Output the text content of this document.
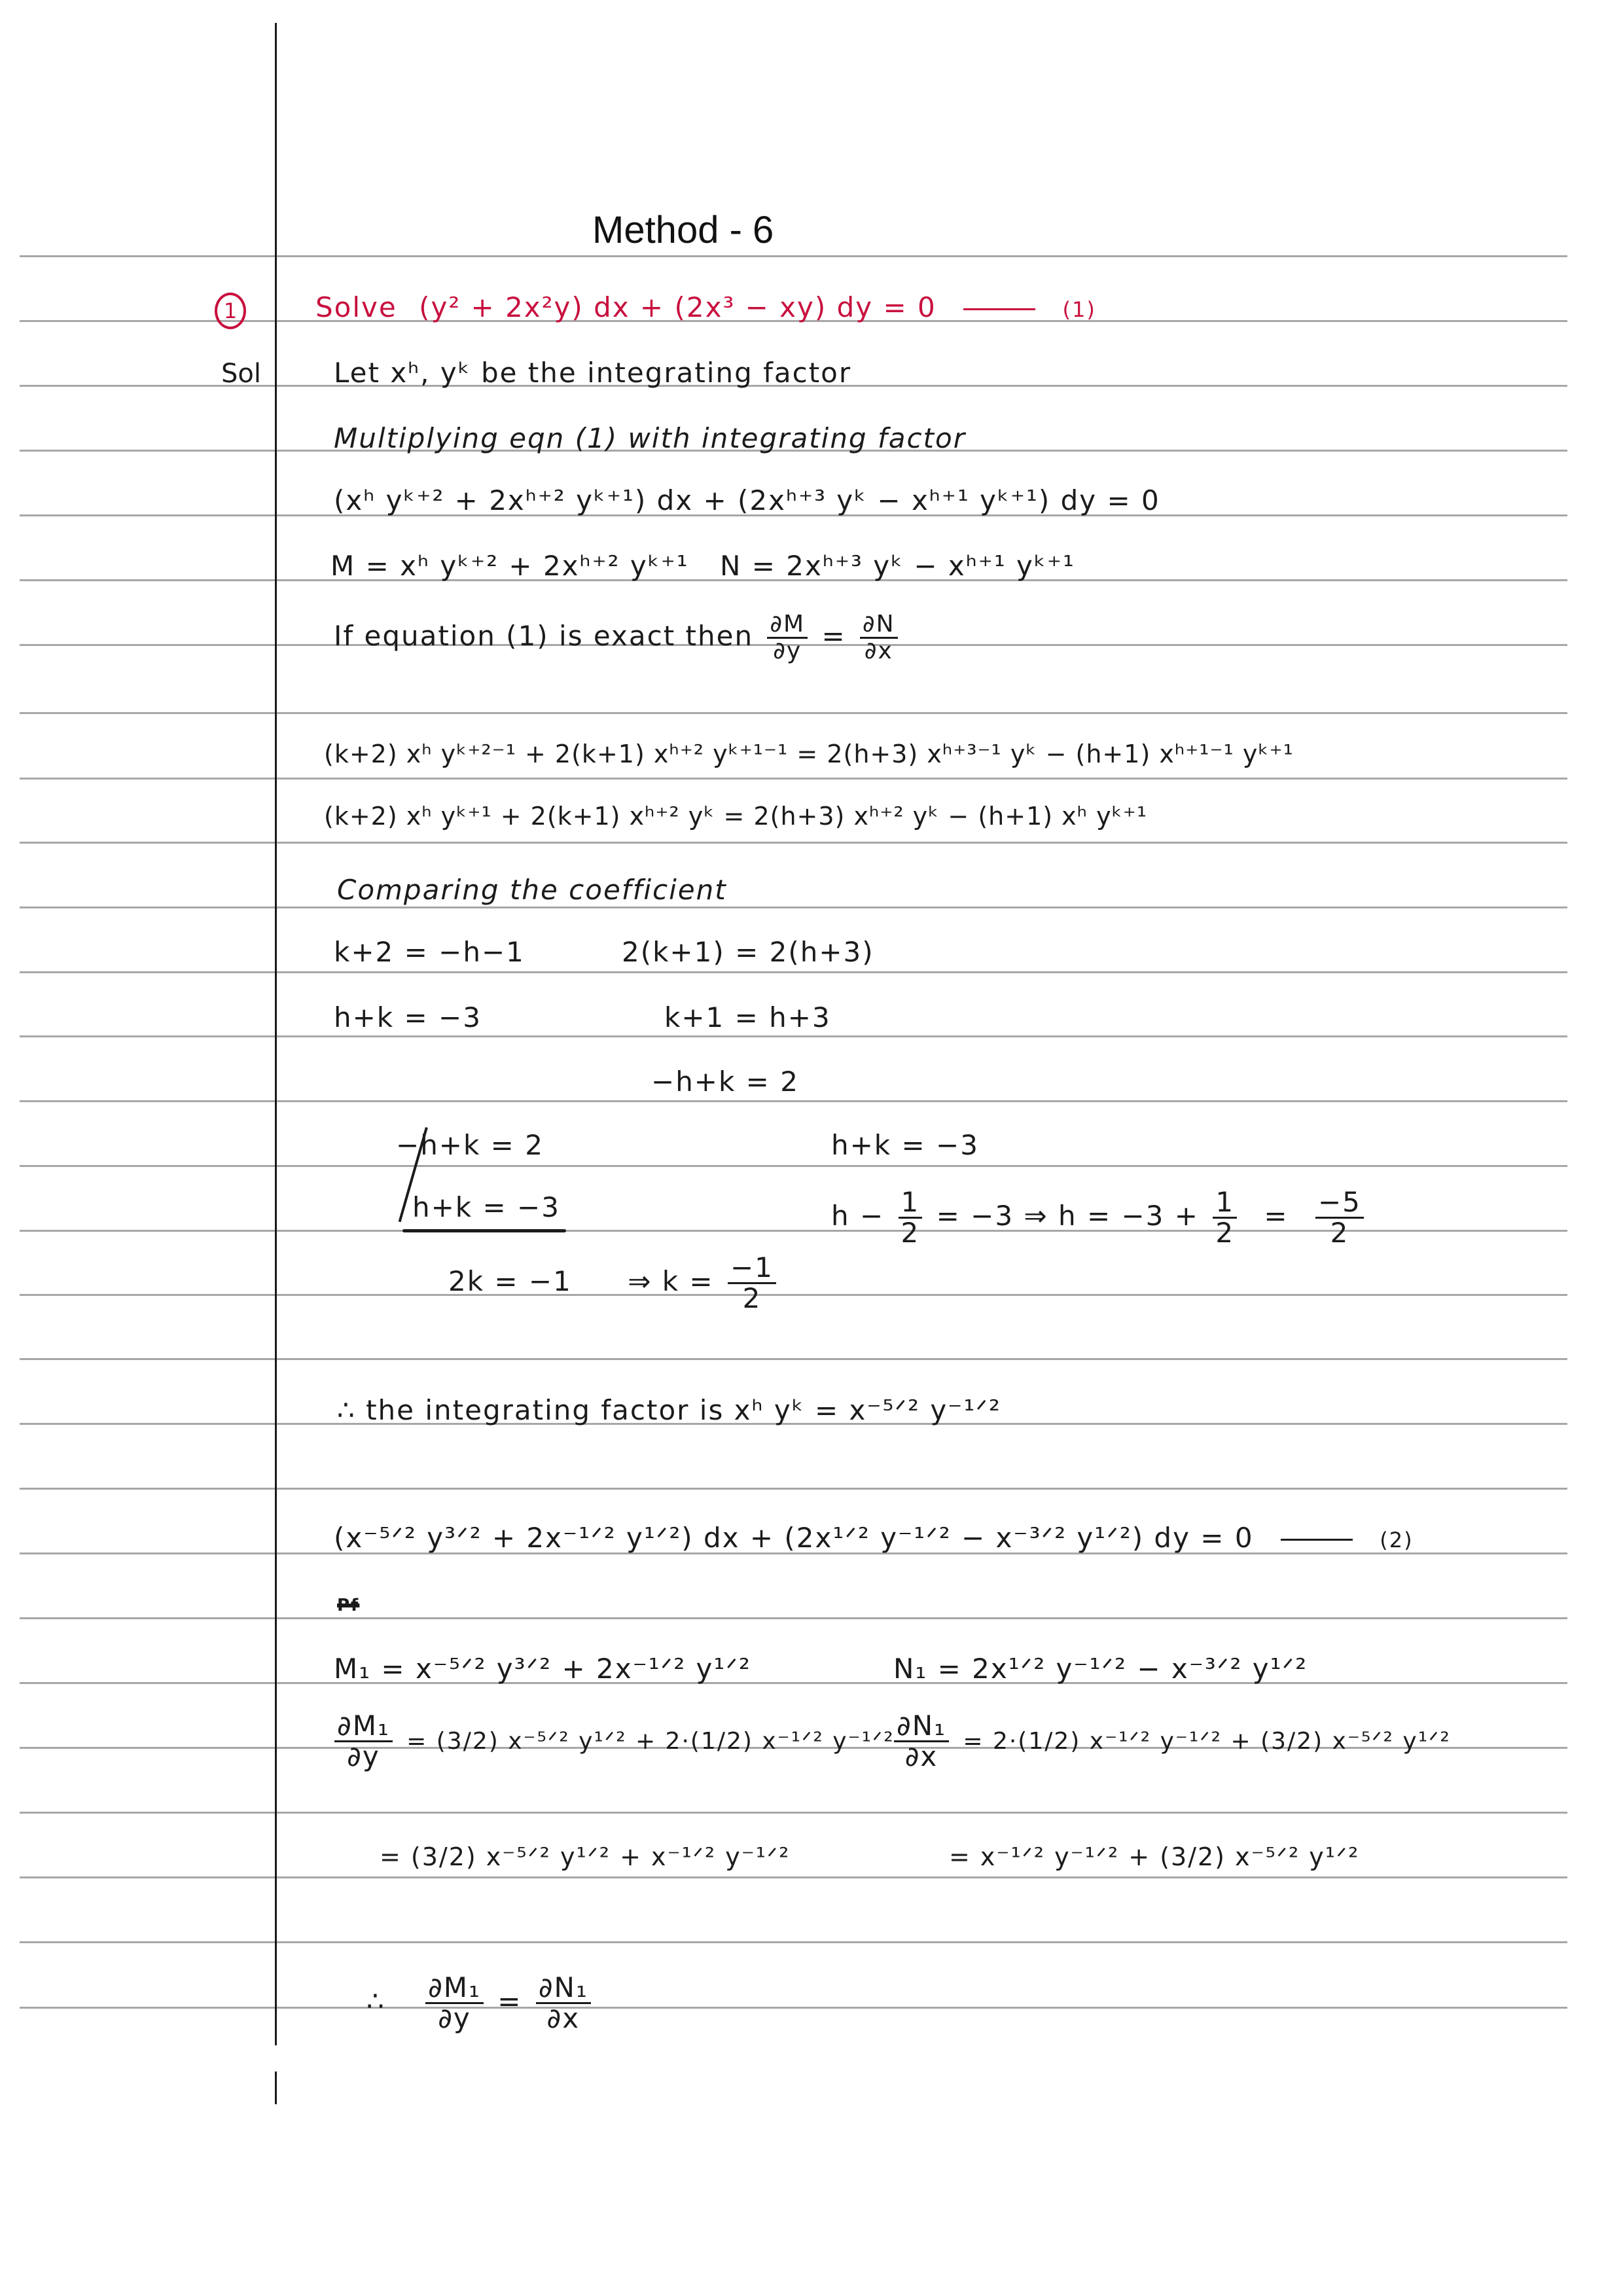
Method - 6
1
Sol
Solve (y² + 2x²y) dx + (2x³ − xy) dy = 0	(1)
Let xʰ, yᵏ be the integrating factor
Multiplying eqn (1) with integrating factor
(xʰ yᵏ⁺² + 2xʰ⁺² yᵏ⁺¹) dx + (2xʰ⁺³ yᵏ − xʰ⁺¹ yᵏ⁺¹) dy = 0
M = xʰ yᵏ⁺² + 2xʰ⁺² yᵏ⁺¹ N = 2xʰ⁺³ yᵏ − xʰ⁺¹ yᵏ⁺¹
If equation (1) is exact then $\frac{\partial M}{\partial y} = \frac{\partial N}{\partial x}$
(k+2) xʰ yᵏ⁺²⁻¹ + 2(k+1) xʰ⁺² yᵏ⁺¹⁻¹ = 2(h+3) xʰ⁺³⁻¹ yᵏ − (h+1) xʰ⁺¹⁻¹ yᵏ⁺¹
(k+2) xʰ yᵏ⁺¹ + 2(k+1) xʰ⁺² yᵏ = 2(h+3) xʰ⁺² yᵏ − (h+1) xʰ yᵏ⁺¹
Comparing the coefficient
k+2 = −h−1	2(k+1) = 2(h+3)
h+k = −3	k+1 = h+3
−h+k = 2
−h+k = 2
h+k = −3
h+k = −3
$h - \frac{1}{2} = -3$ ⇒ $h = -3 + \frac{1}{2} = \frac{-5}{2}$
2k = −1 ⇒ $k = \frac{-1}{2}$
∴ the integrating factor is xʰ yᵏ = x⁻⁵ᐟ² y⁻¹ᐟ²
(x⁻⁵ᐟ² y³ᐟ² + 2x⁻¹ᐟ² y¹ᐟ²) dx + (2x¹ᐟ² y⁻¹ᐟ² − x⁻³ᐟ² y¹ᐟ²) dy = 0	(2)
Pf
M₁ = x⁻⁵ᐟ² y³ᐟ² + 2x⁻¹ᐟ² y¹ᐟ²	N₁ = 2x¹ᐟ² y⁻¹ᐟ² − x⁻³ᐟ² y¹ᐟ²
$\frac{\text{∂M₁}}{\partial y} = (3/2)$ x⁻⁵ᐟ² y¹ᐟ² + 2·(1/2) x⁻¹ᐟ² y⁻¹ᐟ² $\frac{\text{∂N₁}}{\partial x} = 2\cdot(1/2)$ x⁻¹ᐟ² y⁻¹ᐟ² + (3/2) x⁻⁵ᐟ² y¹ᐟ²
= (3/2) x⁻⁵ᐟ² y¹ᐟ² + x⁻¹ᐟ² y⁻¹ᐟ²	= x⁻¹ᐟ² y⁻¹ᐟ² + (3/2) x⁻⁵ᐟ² y¹ᐟ²
∴ $\frac{\text{∂M₁}}{\partial y} = \frac{\text{∂N₁}}{\partial x}$
